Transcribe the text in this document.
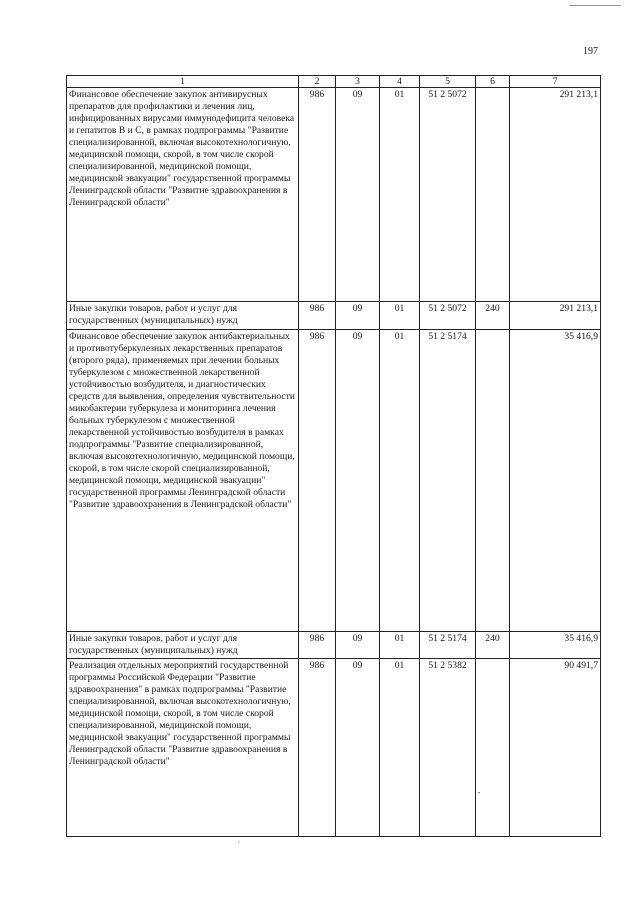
197
1	2	3	4	5	6	7
Финансовое обеспечение закупок антивирусных препаратов для профилактики и лечения лиц, инфицированных вирусами иммунодефицита человека и гепатитов В и С, в рамках подпрограммы "Развитие специализированной, включая высокотехнологичную, медицинской помощи, скорой, в том числе скорой специализированной, медицинской помощи, медицинской эвакуации" государственной программы Ленинградской области "Развитие здравоохранения в Ленинградской области"	986	09	01	51 2 5072		291 213,1
Иные закупки товаров, работ и услуг для государственных (муниципальных) нужд	986	09	01	51 2 5072	240	291 213,1
Финансовое обеспечение закупок антибактериальных и противотуберкулезных лекарственных препаратов (второго ряда), применяемых при лечении больных туберкулезом с множественной лекарственной устойчивостью возбудителя, и диагностических средств для выявления, определения чувствительности микобактерии туберкулеза и мониторинга лечения больных туберкулезом с множественной лекарственной устойчивостью возбудителя в рамках подпрограммы "Развитие специализированной, включая высокотехнологичную, медицинской помощи, скорой, в том числе скорой специализированной, медицинской помощи, медицинской эвакуации" государственной программы Ленинградской области "Развитие здравоохранения в Ленинградской области"	986	09	01	51 2 5174		35 416,9
Иные закупки товаров, работ и услуг для государственных (муниципальных) нужд	986	09	01	51 2 5174	240	35 416,9
Реализация отдельных мероприятий государственной программы Российской Федерации "Развитие здравоохранения" в рамках подпрограммы "Развитие специализированной, включая высокотехнологичную, медицинской помощи, скорой, в том числе скорой специализированной, медицинской помощи, медицинской эвакуации" государственной программы Ленинградской области "Развитие здравоохранения в Ленинградской области"	986	09	01	51 2 5382		90 491,7
•
•
